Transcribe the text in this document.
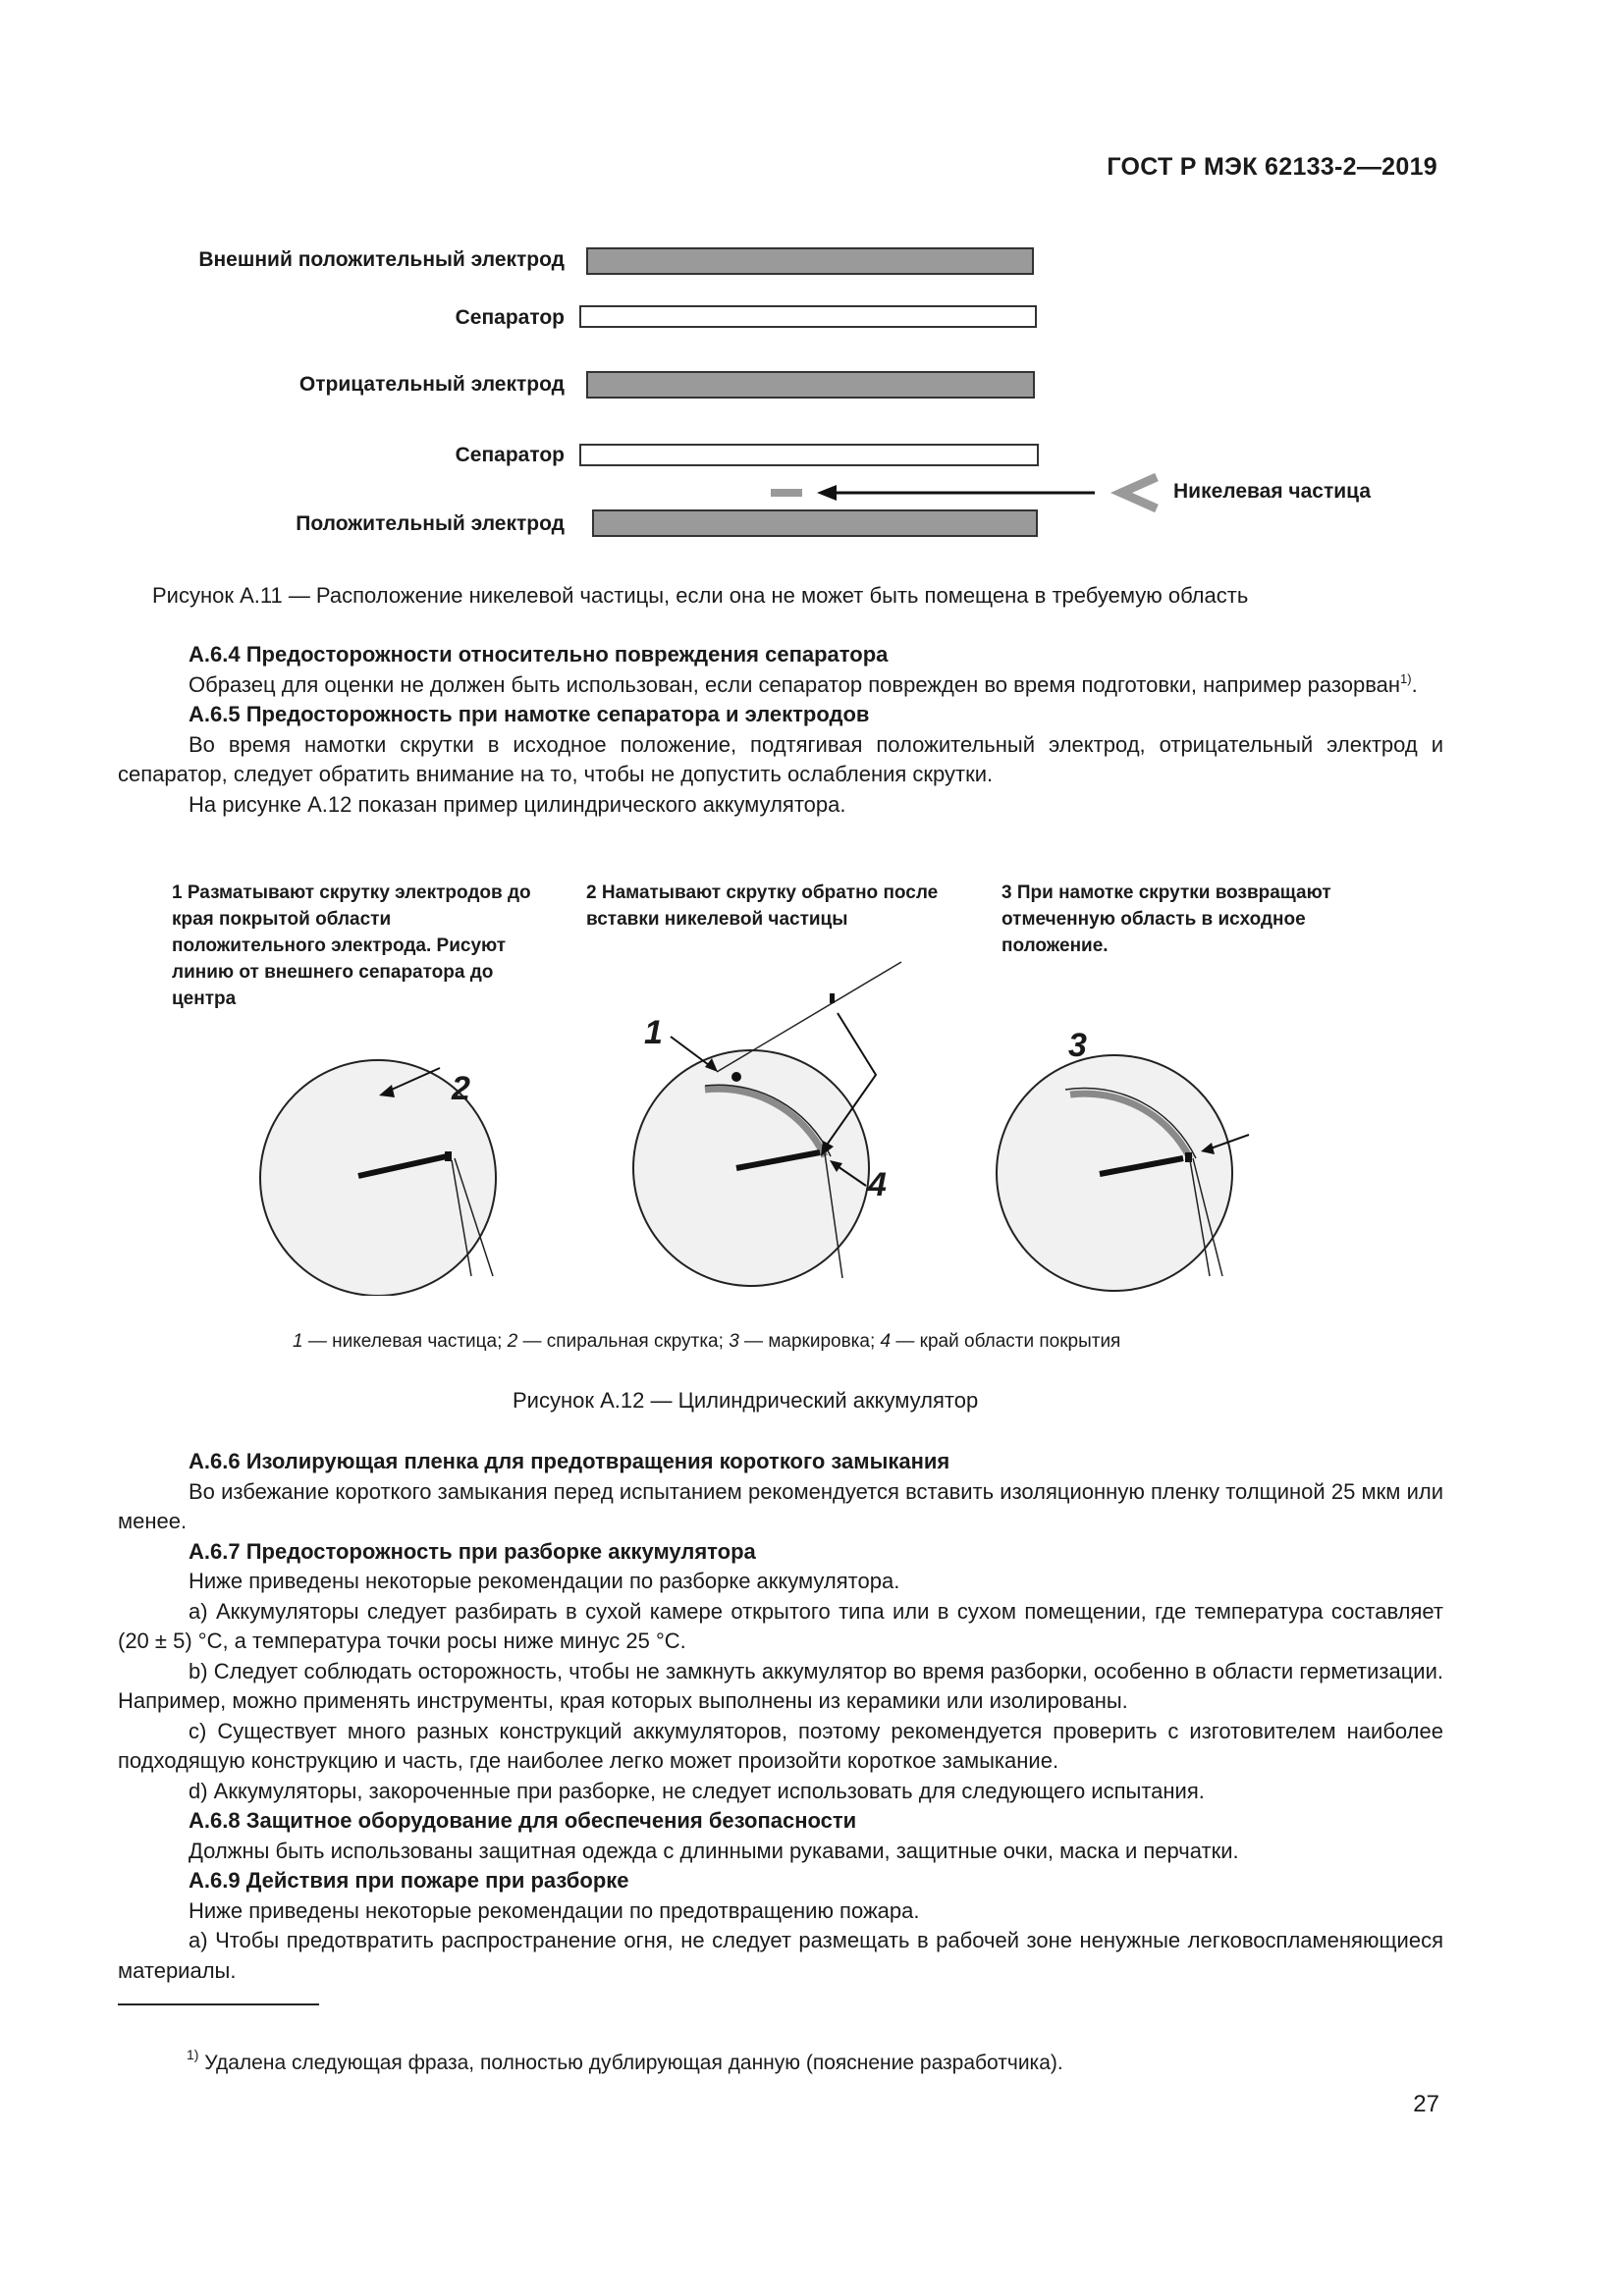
ГОСТ Р МЭК 62133-2—2019
Внешний положительный электрод
Сепаратор
Отрицательный электрод
Сепаратор
Положительный электрод
Никелевая частица
Рисунок А.11 — Расположение никелевой частицы, если она не может быть помещена в требуемую область

А.6.4 Предосторожности относительно повреждения сепаратора

Образец для оценки не должен быть использован, если сепаратор поврежден во время подготовки, например разорван$^{1)}$.

А.6.5 Предосторожность при намотке сепаратора и электродов

Во время намотки скрутки в исходное положение, подтягивая положительный электрод, отрицательный электрод и сепаратор, следует обратить внимание на то, чтобы не допустить ослабления скрутки.

На рисунке А.12 показан пример цилиндрического аккумулятора.

1 Разматывают скрутку электродов до края покрытой области положительного электрода. Рисуют линию от внешнего сепаратора до центра
2 Наматывают скрутку обратно после вставки никелевой частицы
3 При намотке скрутки возвращают отмеченную область в исходное положение.
2
1
4
3
1 — никелевая частица; 2 — спиральная скрутка; 3 — маркировка; 4 — край области покрытия
Рисунок А.12 — Цилиндрический аккумулятор

А.6.6 Изолирующая пленка для предотвращения короткого замыкания

Во избежание короткого замыкания перед испытанием рекомендуется вставить изоляционную пленку толщиной 25 мкм или менее.

А.6.7 Предосторожность при разборке аккумулятора

Ниже приведены некоторые рекомендации по разборке аккумулятора.

a) Аккумуляторы следует разбирать в сухой камере открытого типа или в сухом помещении, где температура составляет (20 ± 5) °С, а температура точки росы ниже минус 25 °С.

b) Следует соблюдать осторожность, чтобы не замкнуть аккумулятор во время разборки, особенно в области герметизации. Например, можно применять инструменты, края которых выполнены из керамики или изолированы.

c) Существует много разных конструкций аккумуляторов, поэтому рекомендуется проверить с изготовителем наиболее подходящую конструкцию и часть, где наиболее легко может произойти короткое замыкание.

d) Аккумуляторы, закороченные при разборке, не следует использовать для следующего испытания.

А.6.8 Защитное оборудование для обеспечения безопасности

Должны быть использованы защитная одежда с длинными рукавами, защитные очки, маска и перчатки.

А.6.9 Действия при пожаре при разборке

Ниже приведены некоторые рекомендации по предотвращению пожара.

a) Чтобы предотвратить распространение огня, не следует размещать в рабочей зоне ненужные легковоспламеняющиеся материалы.

$^{1)}$ Удалена следующая фраза, полностью дублирующая данную (пояснение разработчика).
27
